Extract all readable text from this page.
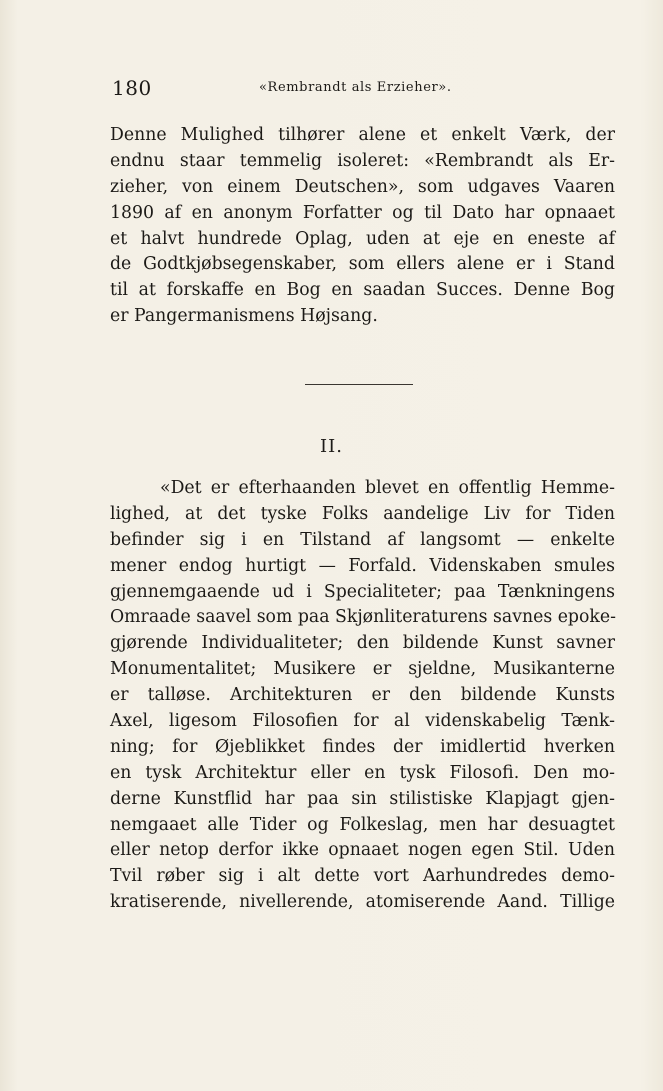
180	«Rembrandt als Erzieher».

Denne Mulighed tilhører alene et enkelt Værk, der
endnu staar temmelig isoleret: «Rembrandt als Er-
zieher, von einem Deutschen», som udgaves Vaaren
1890 af en anonym Forfatter og til Dato har opnaaet
et halvt hundrede Oplag, uden at eje en eneste af
de Godtkjøbsegenskaber, som ellers alene er i Stand
til at forskaffe en Bog en saadan Succes. Denne Bog
er Pangermanismens Højsang.

II.

«Det er efterhaanden blevet en offentlig Hemme-
lighed, at det tyske Folks aandelige Liv for Tiden
befinder sig i en Tilstand af langsomt — enkelte
mener endog hurtigt — Forfald. Videnskaben smules
gjennemgaaende ud i Specialiteter; paa Tænkningens
Omraade saavel som paa Skjønliteraturens savnes epoke-
gjørende Individualiteter; den bildende Kunst savner
Monumentalitet; Musikere er sjeldne, Musikanterne
er talløse. Architekturen er den bildende Kunsts
Axel, ligesom Filosofien for al videnskabelig Tænk-
ning; for Øjeblikket findes der imidlertid hverken
en tysk Architektur eller en tysk Filosofi. Den mo-
derne Kunstflid har paa sin stilistiske Klapjagt gjen-
nemgaaet alle Tider og Folkeslag, men har desuagtet
eller netop derfor ikke opnaaet nogen egen Stil. Uden
Tvil røber sig i alt dette vort Aarhundredes demo-
kratiserende, nivellerende, atomiserende Aand. Tillige
